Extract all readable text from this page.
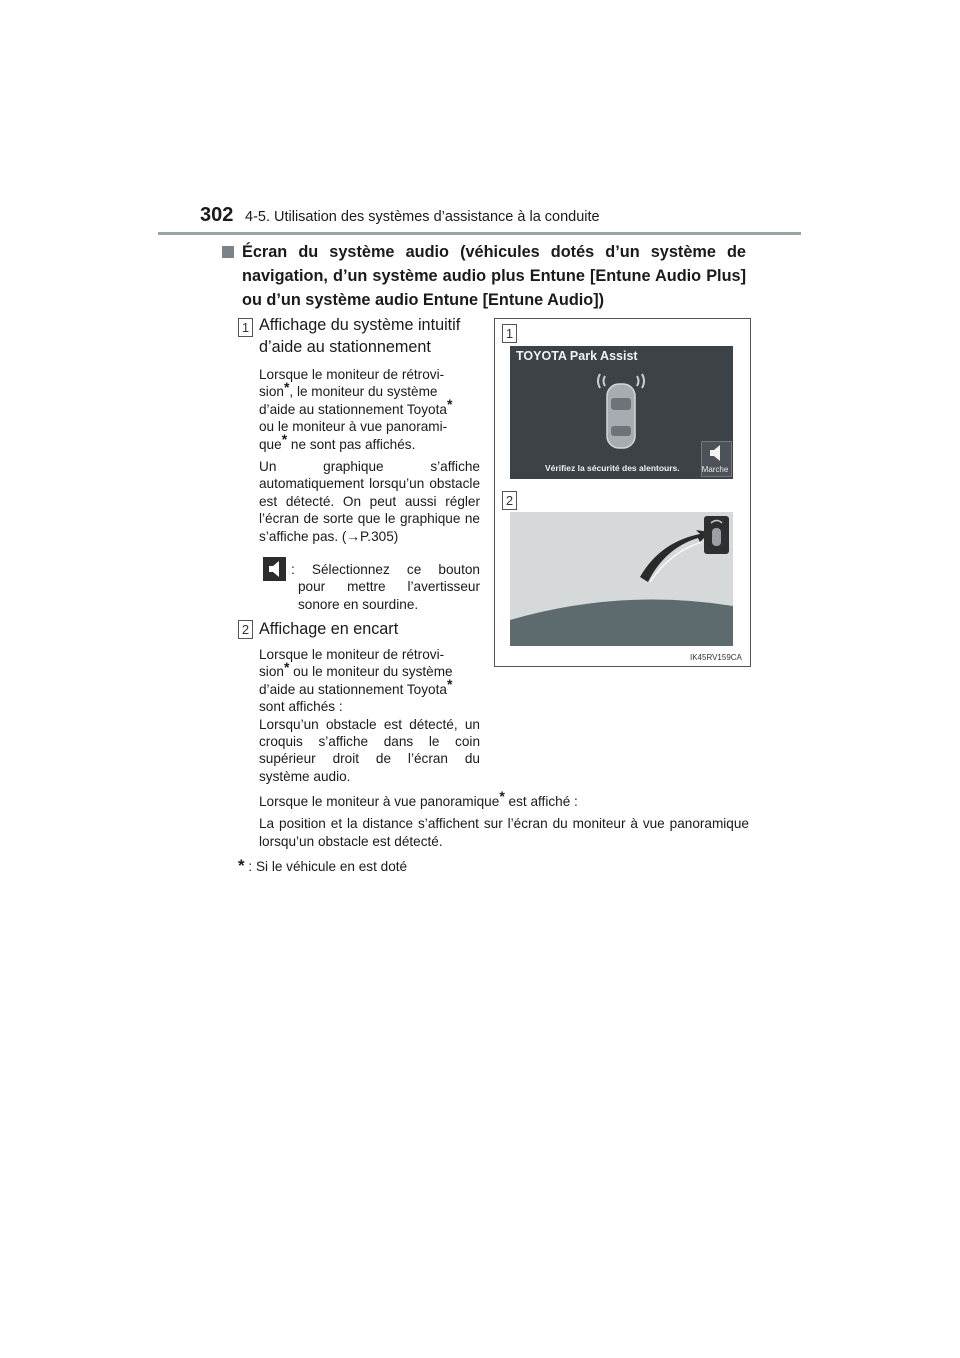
302 4-5. Utilisation des systèmes d’assistance à la conduite
Écran du système audio (véhicules dotés d’un système de navigation, d’un système audio plus Entune [Entune Audio Plus] ou d’un système audio Entune [Entune Audio])
1 Affichage du système intuitif
d’aide au stationnement

Lorsque le moniteur de rétrovi-
sion*, le moniteur du système
d’aide au stationnement Toyota*
ou le moniteur à vue panorami-
que* ne sont pas affichés.

Un graphique s’affiche automatiquement lorsqu’un obstacle est détecté. On peut aussi régler l’écran de sorte que le graphique ne s’affiche pas. (→P.305)

: Sélectionnez ce bouton
pour mettre l’avertisseur sonore en sourdine.
2 Affichage en encart
Lorsque le moniteur de rétrovi-
sion* ou le moniteur du système
d’aide au stationnement Toyota*
sont affichés :
Lorsqu’un obstacle est détecté, un croquis s’affiche dans le coin supérieur droit de l’écran du système audio.

Lorsque le moniteur à vue panoramique* est affiché :

La position et la distance s’affichent sur l’écran du moniteur à vue panoramique lorsqu’un obstacle est détecté.

* : Si le véhicule en est doté
1
TOYOTA Park Assist
Vérifiez la sécurité des alentours.	Marche
2
IK45RV159CA
